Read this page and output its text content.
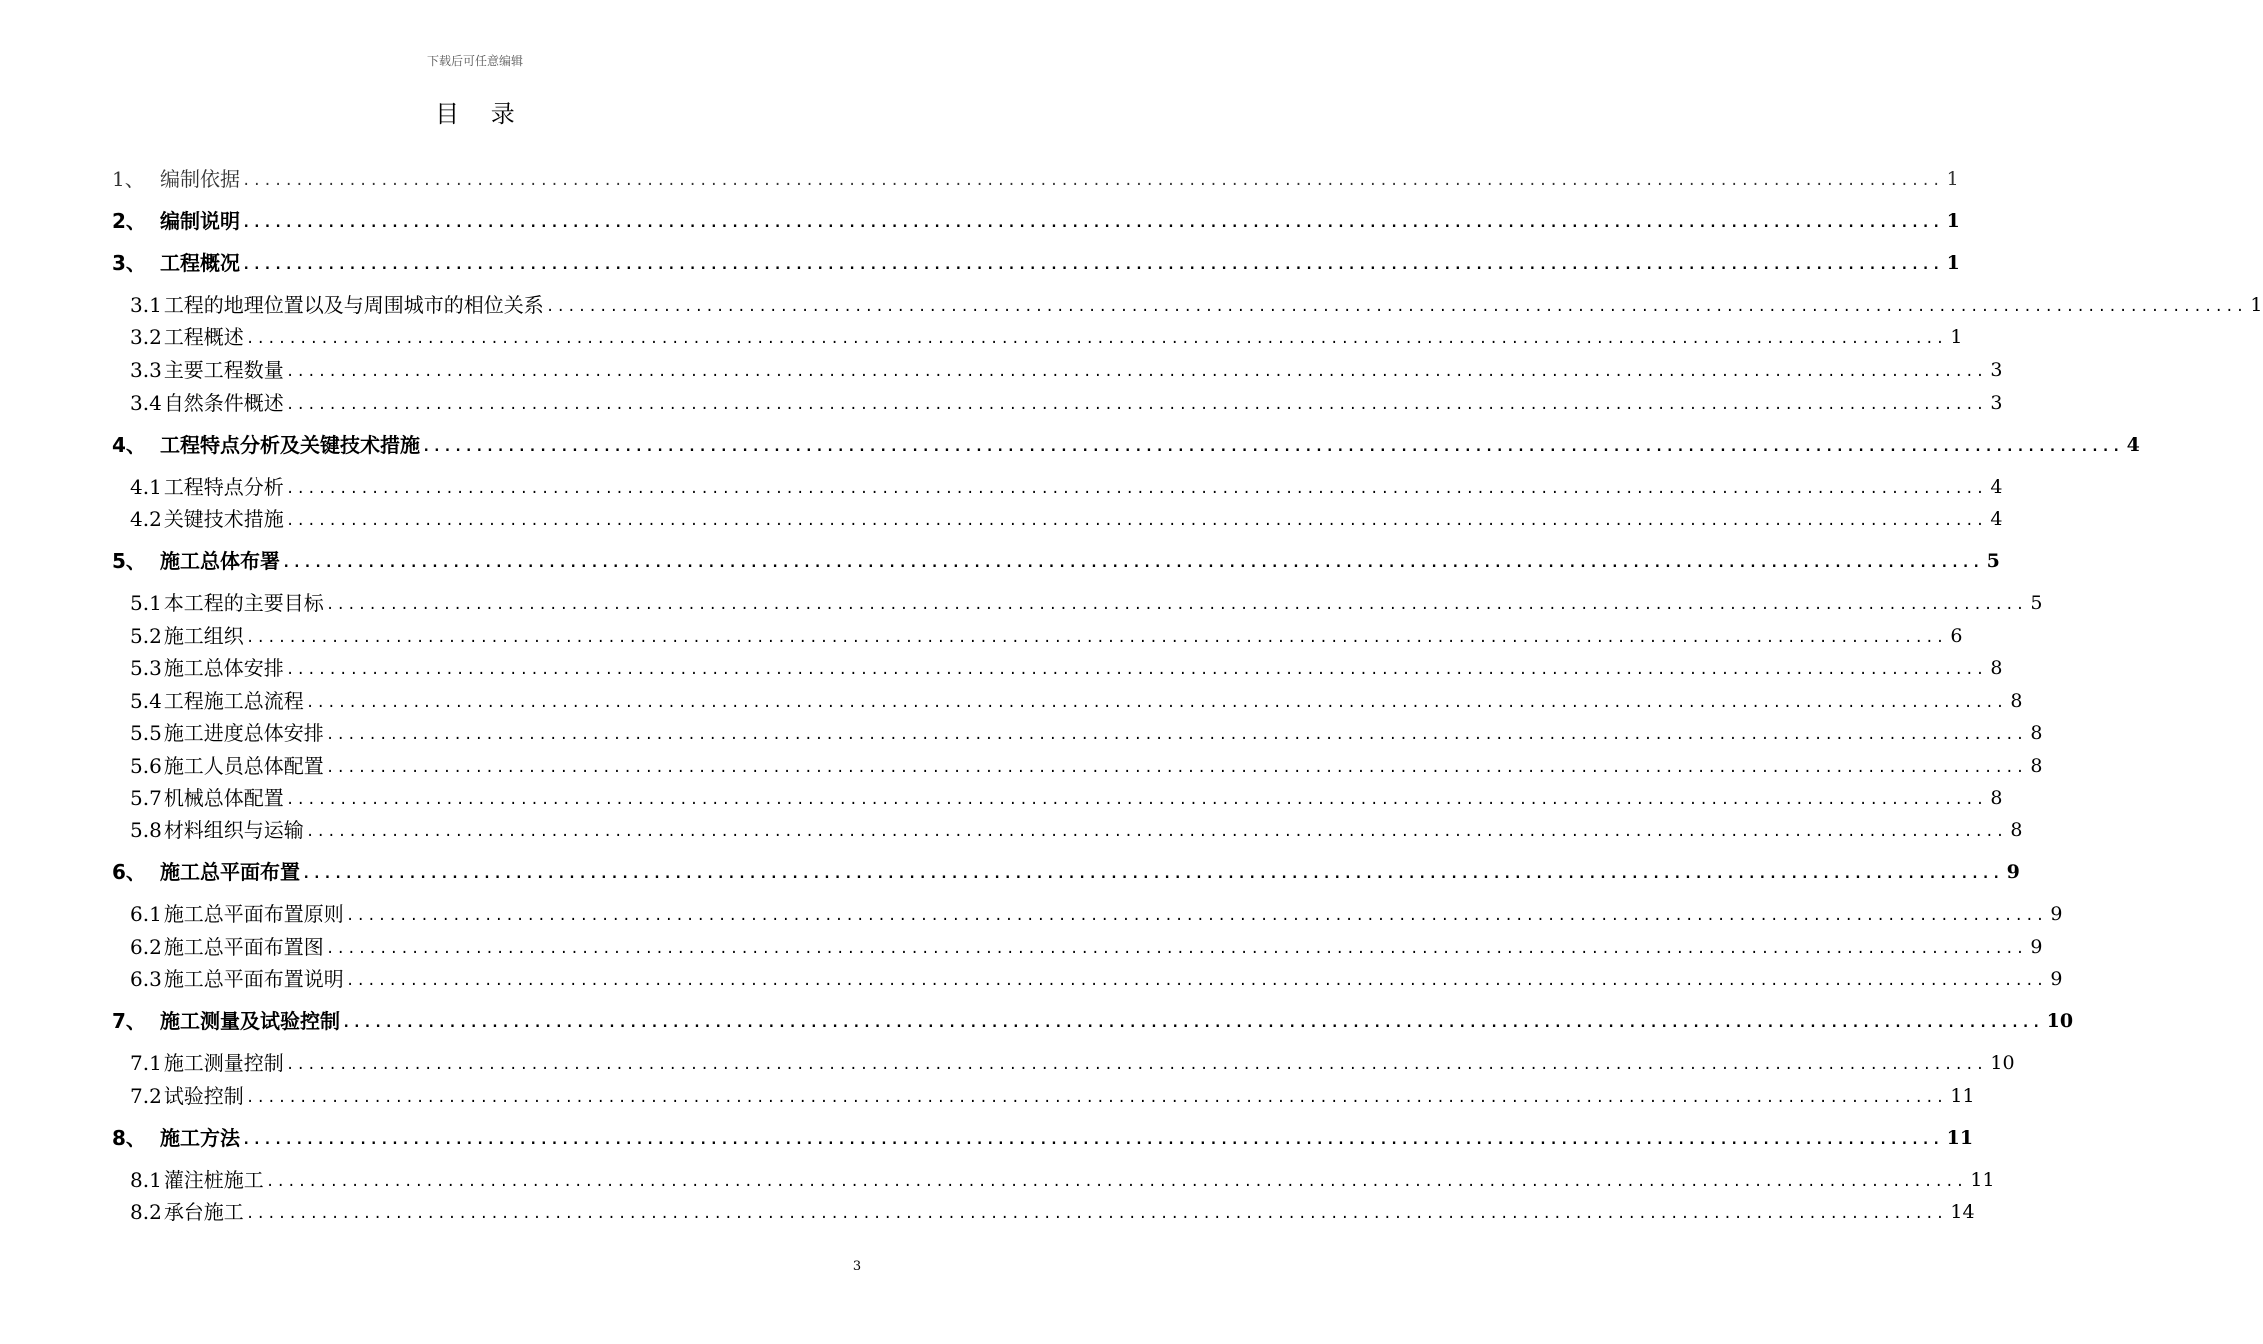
下载后可任意编辑
目 录
1、 编制依据 ................................................................................................................................................................ 1
2、 编制说明 ................................................................................................................................................................ 1
3、 工程概况 ................................................................................................................................................................ 1
3.1 工程的地理位置以及与周围城市的相位关系 ................................................................................................................................................................ 1
3.2 工程概述 ................................................................................................................................................................ 1
3.3 主要工程数量 ................................................................................................................................................................ 3
3.4 自然条件概述 ................................................................................................................................................................ 3
4、 工程特点分析及关键技术措施 ................................................................................................................................................................ 4
4.1 工程特点分析 ................................................................................................................................................................ 4
4.2 关键技术措施 ................................................................................................................................................................ 4
5、 施工总体布署 ................................................................................................................................................................ 5
5.1 本工程的主要目标 ................................................................................................................................................................ 5
5.2 施工组织 ................................................................................................................................................................ 6
5.3 施工总体安排 ................................................................................................................................................................ 8
5.4 工程施工总流程 ................................................................................................................................................................ 8
5.5 施工进度总体安排 ................................................................................................................................................................ 8
5.6 施工人员总体配置 ................................................................................................................................................................ 8
5.7 机械总体配置 ................................................................................................................................................................ 8
5.8 材料组织与运输 ................................................................................................................................................................ 8
6、 施工总平面布置 ................................................................................................................................................................ 9
6.1 施工总平面布置原则 ................................................................................................................................................................ 9
6.2 施工总平面布置图 ................................................................................................................................................................ 9
6.3 施工总平面布置说明 ................................................................................................................................................................ 9
7、 施工测量及试验控制 ................................................................................................................................................................ 10
7.1 施工测量控制 ................................................................................................................................................................ 10
7.2 试验控制 ................................................................................................................................................................ 11
8、 施工方法 ................................................................................................................................................................ 11
8.1 灌注桩施工 ................................................................................................................................................................ 11
8.2 承台施工 ................................................................................................................................................................ 14
3
